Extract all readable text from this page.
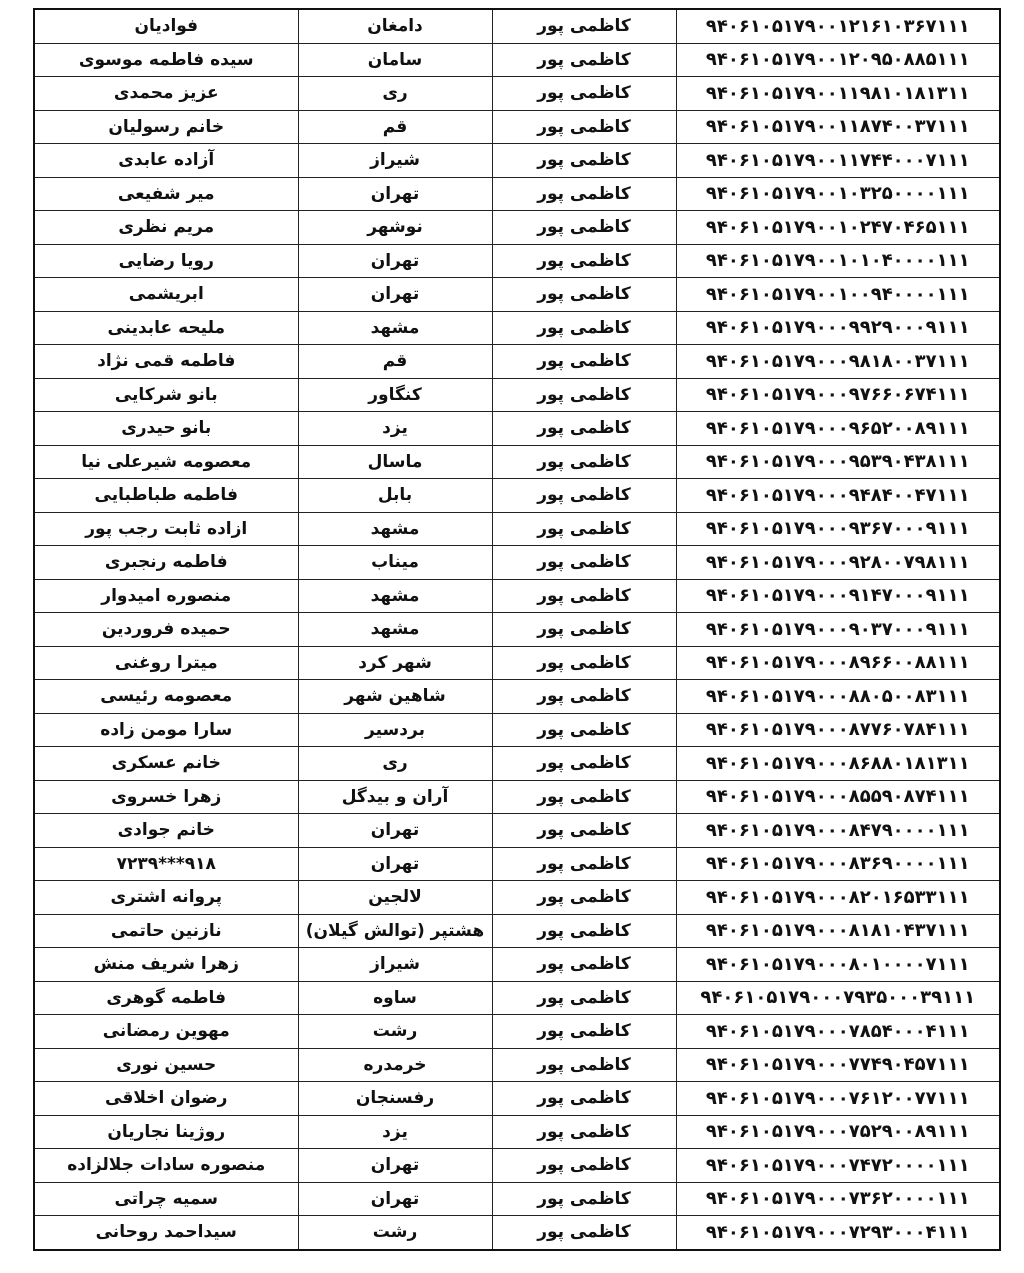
فوادیان	دامغان	کاظمی پور	۹۴۰۶۱۰۵۱۷۹۰۰۱۲۱۶۱۰۳۶۷۱۱۱
سیده فاطمه موسوی	سامان	کاظمی پور	۹۴۰۶۱۰۵۱۷۹۰۰۱۲۰۹۵۰۸۸۵۱۱۱
عزیز محمدی	ری	کاظمی پور	۹۴۰۶۱۰۵۱۷۹۰۰۱۱۹۸۱۰۱۸۱۳۱۱
خانم رسولیان	قم	کاظمی پور	۹۴۰۶۱۰۵۱۷۹۰۰۱۱۸۷۴۰۰۳۷۱۱۱
آزاده عابدی	شیراز	کاظمی پور	۹۴۰۶۱۰۵۱۷۹۰۰۱۱۷۴۴۰۰۰۷۱۱۱
میر شفیعی	تهران	کاظمی پور	۹۴۰۶۱۰۵۱۷۹۰۰۱۰۳۲۵۰۰۰۰۱۱۱
مریم نظری	نوشهر	کاظمی پور	۹۴۰۶۱۰۵۱۷۹۰۰۱۰۲۴۷۰۴۶۵۱۱۱
رویا رضایی	تهران	کاظمی پور	۹۴۰۶۱۰۵۱۷۹۰۰۱۰۱۰۴۰۰۰۰۱۱۱
ابریشمی	تهران	کاظمی پور	۹۴۰۶۱۰۵۱۷۹۰۰۱۰۰۹۴۰۰۰۰۱۱۱
ملیحه عابدینی	مشهد	کاظمی پور	۹۴۰۶۱۰۵۱۷۹۰۰۰۹۹۲۹۰۰۰۹۱۱۱
فاطمه قمی نژاد	قم	کاظمی پور	۹۴۰۶۱۰۵۱۷۹۰۰۰۹۸۱۸۰۰۳۷۱۱۱
بانو شرکایی	کنگاور	کاظمی پور	۹۴۰۶۱۰۵۱۷۹۰۰۰۹۷۶۶۰۶۷۴۱۱۱
بانو حیدری	یزد	کاظمی پور	۹۴۰۶۱۰۵۱۷۹۰۰۰۹۶۵۲۰۰۸۹۱۱۱
معصومه شیرعلی نیا	ماسال	کاظمی پور	۹۴۰۶۱۰۵۱۷۹۰۰۰۹۵۳۹۰۴۳۸۱۱۱
فاطمه طباطبایی	بابل	کاظمی پور	۹۴۰۶۱۰۵۱۷۹۰۰۰۹۴۸۴۰۰۴۷۱۱۱
ازاده ثابت رجب پور	مشهد	کاظمی پور	۹۴۰۶۱۰۵۱۷۹۰۰۰۹۳۶۷۰۰۰۹۱۱۱
فاطمه رنجبری	میناب	کاظمی پور	۹۴۰۶۱۰۵۱۷۹۰۰۰۹۲۸۰۰۷۹۸۱۱۱
منصوره امیدوار	مشهد	کاظمی پور	۹۴۰۶۱۰۵۱۷۹۰۰۰۹۱۴۷۰۰۰۹۱۱۱
حمیده فروردین	مشهد	کاظمی پور	۹۴۰۶۱۰۵۱۷۹۰۰۰۹۰۳۷۰۰۰۹۱۱۱
میترا روغنی	شهر کرد	کاظمی پور	۹۴۰۶۱۰۵۱۷۹۰۰۰۸۹۶۶۰۰۸۸۱۱۱
معصومه رئیسی	شاهین شهر	کاظمی پور	۹۴۰۶۱۰۵۱۷۹۰۰۰۸۸۰۵۰۰۸۳۱۱۱
سارا مومن زاده	بردسیر	کاظمی پور	۹۴۰۶۱۰۵۱۷۹۰۰۰۸۷۷۶۰۷۸۴۱۱۱
خانم عسکری	ری	کاظمی پور	۹۴۰۶۱۰۵۱۷۹۰۰۰۸۶۸۸۰۱۸۱۳۱۱
زهرا خسروی	آران و بیدگل	کاظمی پور	۹۴۰۶۱۰۵۱۷۹۰۰۰۸۵۵۹۰۸۷۴۱۱۱
خانم جوادی	تهران	کاظمی پور	۹۴۰۶۱۰۵۱۷۹۰۰۰۸۴۷۹۰۰۰۰۱۱۱
۹۱۸***۷۲۳۹	تهران	کاظمی پور	۹۴۰۶۱۰۵۱۷۹۰۰۰۸۳۶۹۰۰۰۰۱۱۱
پروانه اشتری	لالجین	کاظمی پور	۹۴۰۶۱۰۵۱۷۹۰۰۰۸۲۰۱۶۵۳۳۱۱۱
نازنین حاتمی	هشتپر (توالش گیلان)	کاظمی پور	۹۴۰۶۱۰۵۱۷۹۰۰۰۸۱۸۱۰۴۳۷۱۱۱
زهرا شریف منش	شیراز	کاظمی پور	۹۴۰۶۱۰۵۱۷۹۰۰۰۸۰۱۰۰۰۰۷۱۱۱
فاطمه گوهری	ساوه	کاظمی پور	۹۴۰۶۱۰۵۱۷۹۰۰۰۷۹۳۵۰۰۰۳۹۱۱۱
مهوین رمضانی	رشت	کاظمی پور	۹۴۰۶۱۰۵۱۷۹۰۰۰۷۸۵۴۰۰۰۴۱۱۱
حسین نوری	خرمدره	کاظمی پور	۹۴۰۶۱۰۵۱۷۹۰۰۰۷۷۴۹۰۴۵۷۱۱۱
رضوان اخلاقی	رفسنجان	کاظمی پور	۹۴۰۶۱۰۵۱۷۹۰۰۰۷۶۱۲۰۰۷۷۱۱۱
روژینا نجاریان	یزد	کاظمی پور	۹۴۰۶۱۰۵۱۷۹۰۰۰۷۵۲۹۰۰۸۹۱۱۱
منصوره سادات جلالزاده	تهران	کاظمی پور	۹۴۰۶۱۰۵۱۷۹۰۰۰۷۴۷۲۰۰۰۰۱۱۱
سمیه چراتی	تهران	کاظمی پور	۹۴۰۶۱۰۵۱۷۹۰۰۰۷۳۶۲۰۰۰۰۱۱۱
سیداحمد روحانی	رشت	کاظمی پور	۹۴۰۶۱۰۵۱۷۹۰۰۰۷۲۹۳۰۰۰۴۱۱۱
